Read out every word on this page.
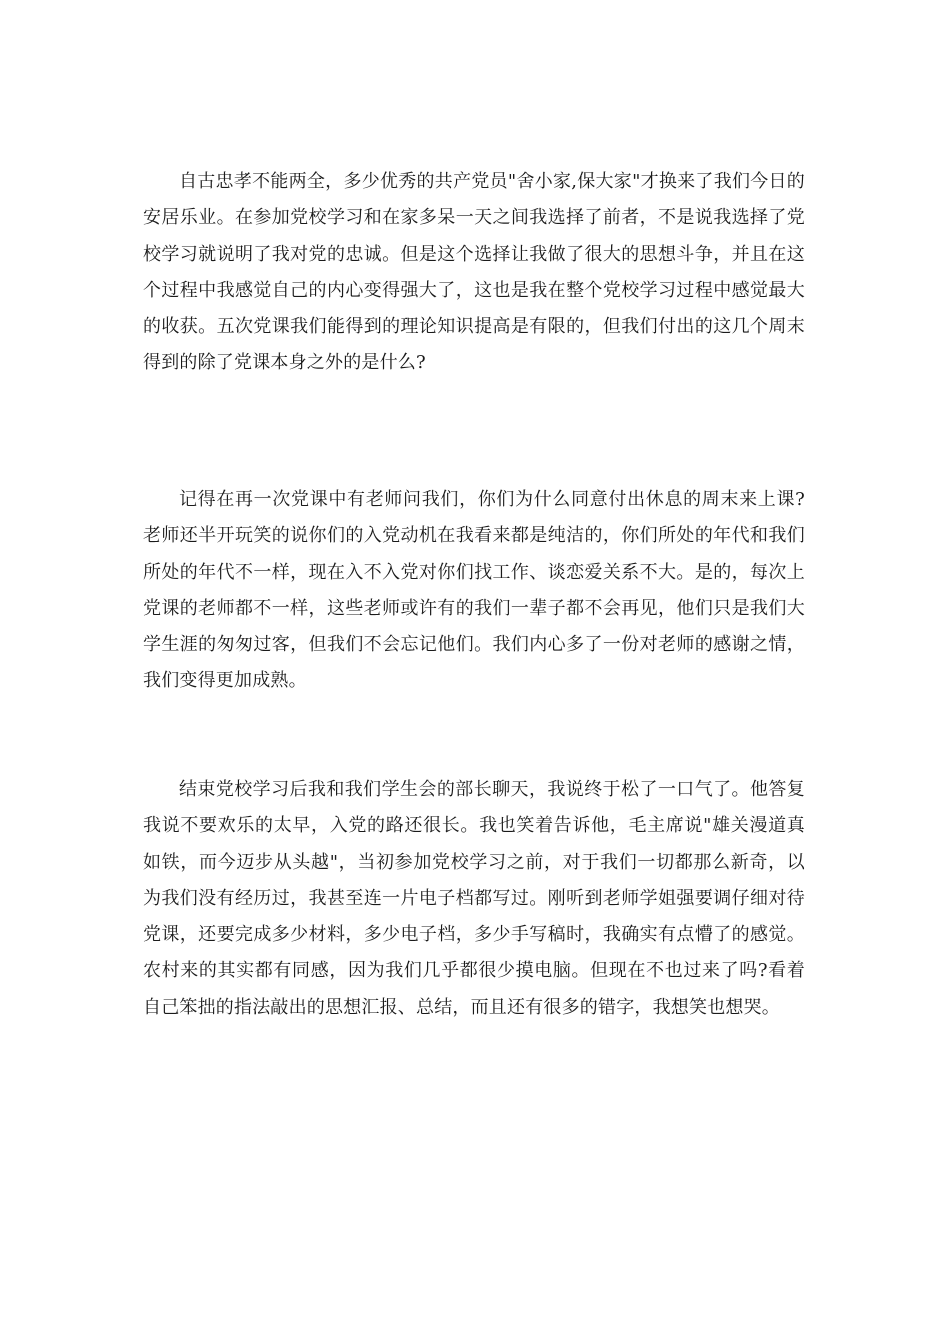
自古忠孝不能两全，多少优秀的共产党员"舍小家,保大家"才换来了我们今日的安居乐业。在参加党校学习和在家多呆一天之间我选择了前者，不是说我选择了党校学习就说明了我对党的忠诚。但是这个选择让我做了很大的思想斗争，并且在这个过程中我感觉自己的内心变得强大了，这也是我在整个党校学习过程中感觉最大的收获。五次党课我们能得到的理论知识提高是有限的，但我们付出的这几个周末得到的除了党课本身之外的是什么?

记得在再一次党课中有老师问我们，你们为什么同意付出休息的周末来上课?老师还半开玩笑的说你们的入党动机在我看来都是纯洁的，你们所处的年代和我们所处的年代不一样，现在入不入党对你们找工作、谈恋爱关系不大。是的，每次上党课的老师都不一样，这些老师或许有的我们一辈子都不会再见，他们只是我们大学生涯的匆匆过客，但我们不会忘记他们。我们内心多了一份对老师的感谢之情，我们变得更加成熟。

结束党校学习后我和我们学生会的部长聊天，我说终于松了一口气了。他答复我说不要欢乐的太早，入党的路还很长。我也笑着告诉他，毛主席说"雄关漫道真如铁，而今迈步从头越"，当初参加党校学习之前，对于我们一切都那么新奇，以为我们没有经历过，我甚至连一片电子档都写过。刚听到老师学姐强要调仔细对待党课，还要完成多少材料，多少电子档，多少手写稿时，我确实有点懵了的感觉。农村来的其实都有同感，因为我们几乎都很少摸电脑。但现在不也过来了吗?看着自己笨拙的指法敲出的思想汇报、总结，而且还有很多的错字，我想笑也想哭。
